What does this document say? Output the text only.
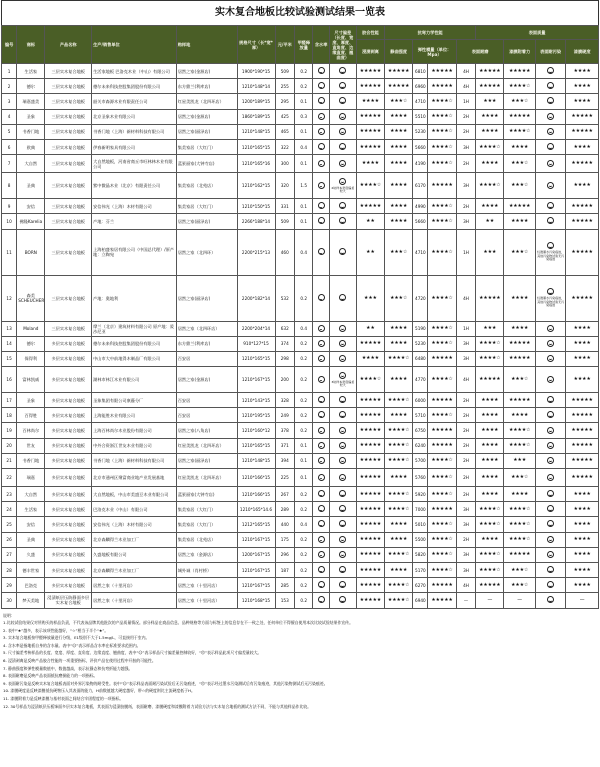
实木复合地板比较试验测试结果一览表
编号	商标	产品名称	生产/销售单位	购样地	规格尺寸（长*宽*厚）	元/平米	甲醛释放量	含水率	尺寸偏差（长度、宽度、厚度、直角度、边缘直度、翘曲度）	胶合性能	抗弯力学性能				表面质量			
										浸渍剥离	静曲强度	弹性模量（单位：Mpa）		表面耐磨		漆膜附着力	表面耐污染	漆膜硬度
1	生活家	三层实木复合地板	生活家地板 巴洛克木业（中山）有限公司	居然之家(金源店)	1900*190*15	509	0.2			★★★★★	★★★★★	6810	★★★★★	4H	★★★★★	★★★★★		★★★★
2	德尔	三层实木复合地板	德尔未来科技控股集团股份有限公司	东方鼎兰(利库店)	1210*148*14	255	0.2			★★★★★	★★★★★	6960	★★★★★	4H	★★★★★	★★★★☆		★★★★
3	瑞嘉盛美	三层实木复合地板	韶关市森源木业有限责任公司	红星美凯龙（北四环店）	1200*189*15	295	0.1			★★★★	★★★☆	4710	★★★★☆	1H	★★★	★★★☆		★★★★
4	圣象	三层实木复合地板	北京圣象木业有限公司	居然之家(金源店)	1860*189*15	425	0.3			★★★★★	★★★★	5510	★★★★☆	2H	★★★★	★★★★★		★★★★★
5	书香门地	三层实木复合地板	书香门地（上海）新材料科技有限公司	居然之家(丽泽店)	1210*148*15	465	0.1			★★★★★	★★★★	5230	★★★★☆	2H	★★★★	★★★★☆		★★★★★
6	欧典	三层实木复合地板	伊春新明家具有限公司	集美家居（大红门）	1210*165*15	322	0.4			★★★★★	★★★★	5660	★★★★☆	3H	★★★★☆	★★★★		★★★★
7	大自然	三层实木复合地板	大自然地板，河南省商丘市旺林林木业有限公司	蓝景丽家(大钟寺店)	1210*165*16	300	0.1			★★★★	★★★★	4190	★★★★☆	2H	★★★★	★★★☆		★★★★★
8	圣典	三层实木复合地板	紫中微晶木业（北京）有限责任公司	集美家居（北苑店）	1210*162*15	320	1.5		2块样本宽度偏差较大	★★★★☆	★★★★	6170	★★★★★	3H	★★★★☆	★★★☆		★★★★
9	安信	三层实木复合地板	安信伟光（上海）木材有限公司	集美家居（大红门）	1210*150*15	331	0.1			★★★★★	★★★★	4990	★★★★☆	2H	★★★★	★★★★★		★★★★★
10	佛隆Karelia	三层实木复合地板	产地：芬兰	居然之家(丽泽店)	2266*188*14	509	0.1			★★	★★★★	5660	★★★★☆	3H	★★	★★★★		★★★★★
11	BORN	三层实木复合地板	上海柏盛家居有限公司（中国总代理）/原产地：立陶宛	居然之家（北四环）	2200*215*13	460	0.4			★★	★★★☆	4710	★★★★☆	1H	★★★	★★★☆	轻微墨水污染痕迹，其他污染物试验无污染痕迹	★★★★★
12	森美SCHEUCHER	三层实木复合地板	产地：奥地利	居然之家(丽泽店)	2200*182*14	532	0.2			★★★	★★★☆	4720	★★★★☆	4H	★★★★★	★★★★	轻微墨水污染痕迹，其他污染物试验无污染痕迹	★★★★★
13	Moland	三层实木复合地板	摩兰（北京）建筑材料有限公司 原产地：爱沙尼亚	居然之家（北四环店）	2200*204*14	632	0.4			★★	★★★★	5190	★★★★☆	1H	★★★	★★★★		★★★★
14	德尔	多层实木复合地板	德尔未来科技控股集团股份有限公司	东方鼎兰(利库店)	910*127*15	374	0.2			★★★★★	★★★★	5230	★★★★☆	3H	★★★★☆	★★★★★		★★★★
15	保得利	多层实木复合地板	中山市大中前地得木制品厂有限公司	百安居	1210*165*15	298	0.2			★★★★	★★★★☆	6480	★★★★★	3H	★★★★☆	★★★★★		★★★★
16	富林凯威	多层实木复合地板	湖林市林江木业有限公司	居然之家(金源店)	1210*167*15	200	0.2		3块样本宽度偏差较大	★★★★☆	★★★★	4770	★★★★☆	4H	★★★★★	★★★☆		★★★★
17	圣象	多层实木复合地板	圣象集团有限公司康藤分厂	百安居	1210*143*15	328	0.2			★★★★★	★★★★☆	6000	★★★★★	2H	★★★★	★★★★★		★★★★★
18	百得胜	多层实木复合地板	上海能胜木业有限公司	百安居	1210*195*15	249	0.2			★★★★★	★★★★	5710	★★★★☆	2H	★★★★	★★★★		★★★★★
19	百林尚尔	多层实木复合地板	上海百林尚尔木业股份有限公司	居然之家(八角店)	1210*160*12	378	0.2			★★★★★	★★★★☆	6750	★★★★★	2H	★★★★	★★★★☆		★★★★★
20	世友	多层实木复合地板	中外合资浙江世友木业有限公司	红星美凯龙（北四环店）	1210*165*15	371	0.1			★★★★★	★★★★☆	6240	★★★★★	2H	★★★★	★★★★☆		★★★★★
21	书香门地	多层实木复合地板	书香门地（上海）新材料科技有限公司	居然之家(丽泽店)	1210*148*15	394	0.1			★★★★★	★★★★☆	5700	★★★★☆	2H	★★★★	★★★		★★★★★
22	瑞嘉	多层实木复合地板	北京市通州区聚富商业地产业发展基地	红星美凯龙（北四环店）	1210*166*15	225	0.1			★★★★★	★★★★	5760	★★★★☆	2H	★★★★	★★★☆		★★★★★
23	大自然	多层实木复合地板	大自然地板，中山市美盛豆木业有限公司	蓝景丽家(大钟寺店)	1210*166*15	267	0.2			★★★★★	★★★★☆	5920	★★★★☆	2H	★★★★	★★★★		★★★★
24	生活家	多层实木复合地板	巴洛克木业（中山）有限公司	集美家居（大红门）	1210*165*14.6	289	0.2			★★★★★	★★★★☆	7000	★★★★★	3H	★★★★☆	★★★★☆		★★★★
25	安信	多层实木复合地板	安信伟光（上海）木材有限公司	集美家居（大红门）	1212*165*15	440	0.4			★★★★★	★★★★	5010	★★★★☆	3H	★★★★☆	★★★★☆		★★★★
26	圣典	多层实木复合地板	北京森麟得兰木业加工厂	集美家居（北苑店）	1210*167*15	175	0.2			★★★★★	★★★★	5500	★★★★☆	2H	★★★★	★★★★☆		★★★★
27	久盛	多层实木复合地板	久盛地板有限公司	居然之家（金源店）	1200*167*15	296	0.2			★★★★★	★★★★☆	5820	★★★★☆	3H	★★★★☆	★★★★★		★★★★
28	德丰世家	多层实木复合地板	北京森麟得兰木业加工厂	城外诚（肖村桥）	1210*167*15	187	0.2			★★★★★	★★★★	5170	★★★★☆	3H	★★★★☆	★★★☆		★★★★
29	巴洛克	多层实木复合地板	居然之家（十里河店）	居然之家（十里河店）	1210*167*15	285	0.2			★★★★★	★★★★☆	6270	★★★★★	4H	★★★★★	★★★☆		★★★★
30	梦天美地	浸渍纸层压防静面多层实木复合地板	居然之家（十里河店）	居然之家（十里河店）	1210*168*15	153	0.2			★★★★★	★★★★☆	6940	★★★★★	—	—	—		—
说明：
1.比较试验结果仅对所购买的样品负责，不代表该品牌其他批次的产品质量情况。部分样品在商品信息、品种规格等方面与标签上的信息存在不一致之处，任何单位不得擅自使用本次比较试验结果作宣传。
2. 表中“★”越多，表示该项性能越好，“☆”相当于半个“★”。
3. 实木复合地板按甲醛释放量进行分级，E1级别不大于1.5mg/L，可直接用于室内。
4. 含水率是指地板自身的含水量。表中“☺”表示样品含水率在标准要求范围内。
5. 尺寸偏差考核样品的长度、宽度、厚度、直角度、边缘直度、翘曲度，表中“☺”表示样品尺寸偏差量控制较好，“☹”表示样品此项尺寸偏差量较大。
6. 浸渍剥离是反映产品胶合性能的一项重要指标，评价产品在使用过程中开胶的可能性。
7. 静曲强度和弹性模量数值中，数值越高，表示抗静态和抗弯折能力越强。
8. 表面耐磨是反映产品表面抵抗磨损能力的一项指标。
9. 表面耐污染是反映实木复合地板表面对外界污染物的耐受性。表中“☺”表示样品表面耐污染试验后无污染痕迹，“☹”表示经过墨水污染测试后有污染痕迹，其他污染物测试后无污染痕迹。
10. 漆膜硬度是反映漆膜抵抗硬物压入其表面的能力，H前数值越大硬度越好，带☆的硬度则比主流硬度低于H。
11. 漆膜附着力是反映漆膜与基材表面之间结合牢固程度的一项指标。
12. 30号样品为浸渍纸层压板饰面多层实木复合地板，其表面为浸渍胶膜纸，表面耐磨、漆膜硬度和漆膜附着力试验方法与实木复合地板的测试方法不同，不能与其他样品作比较。
